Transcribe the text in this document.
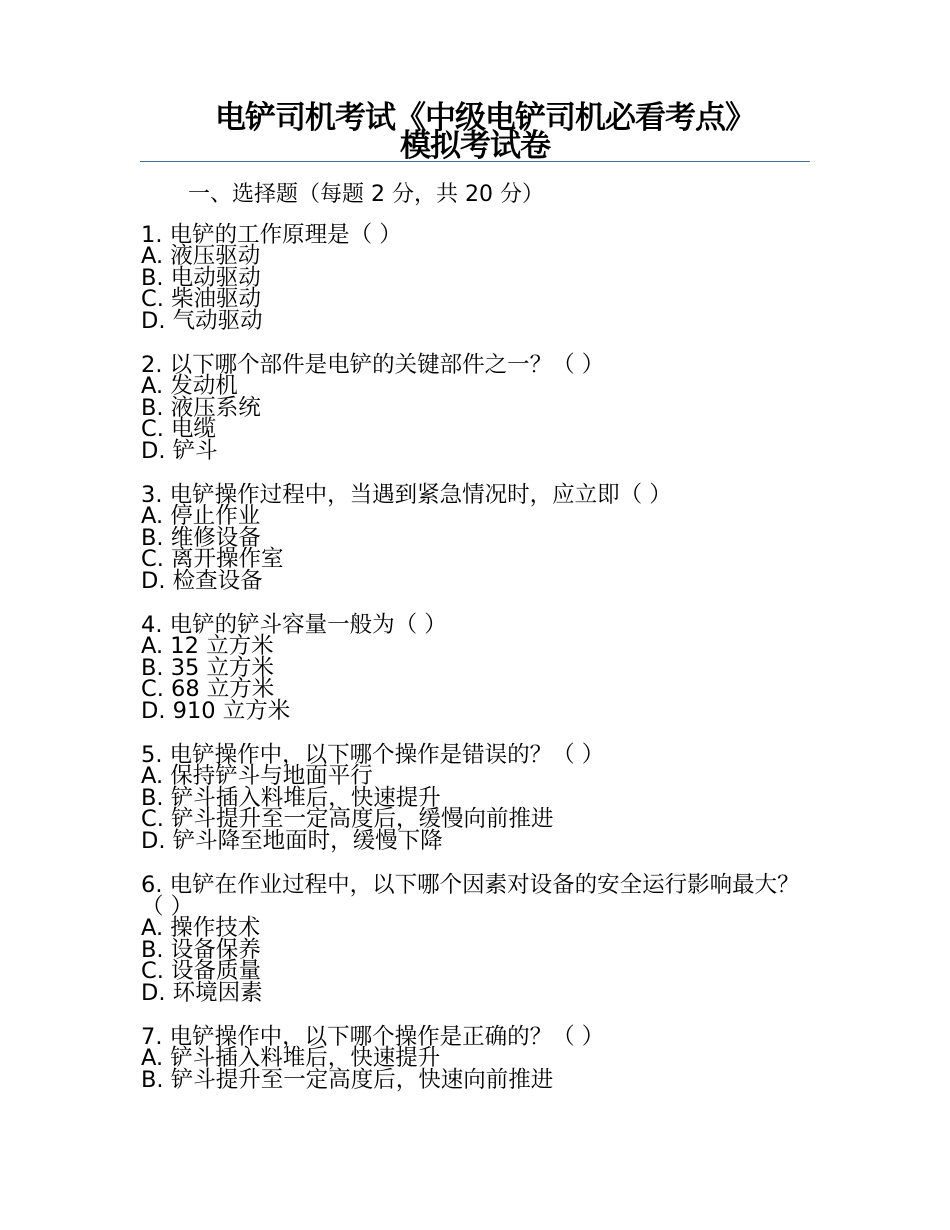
电铲司机考试《中级电铲司机必看考点》
模拟考试卷
一、选择题（每题 2 分，共 20 分）
1. 电铲的工作原理是（ ）
A. 液压驱动
B. 电动驱动
C. 柴油驱动
D. 气动驱动
2. 以下哪个部件是电铲的关键部件之一？（ ）
A. 发动机
B. 液压系统
C. 电缆
D. 铲斗
3. 电铲操作过程中，当遇到紧急情况时，应立即（ ）
A. 停止作业
B. 维修设备
C. 离开操作室
D. 检查设备
4. 电铲的铲斗容量一般为（ ）
A. 12 立方米
B. 35 立方米
C. 68 立方米
D. 910 立方米
5. 电铲操作中，以下哪个操作是错误的？（ ）
A. 保持铲斗与地面平行
B. 铲斗插入料堆后，快速提升
C. 铲斗提升至一定高度后，缓慢向前推进
D. 铲斗降至地面时，缓慢下降
6. 电铲在作业过程中，以下哪个因素对设备的安全运行影响最大？（ ）
A. 操作技术
B. 设备保养
C. 设备质量
D. 环境因素
7. 电铲操作中，以下哪个操作是正确的？（ ）
A. 铲斗插入料堆后，快速提升
B. 铲斗提升至一定高度后，快速向前推进
